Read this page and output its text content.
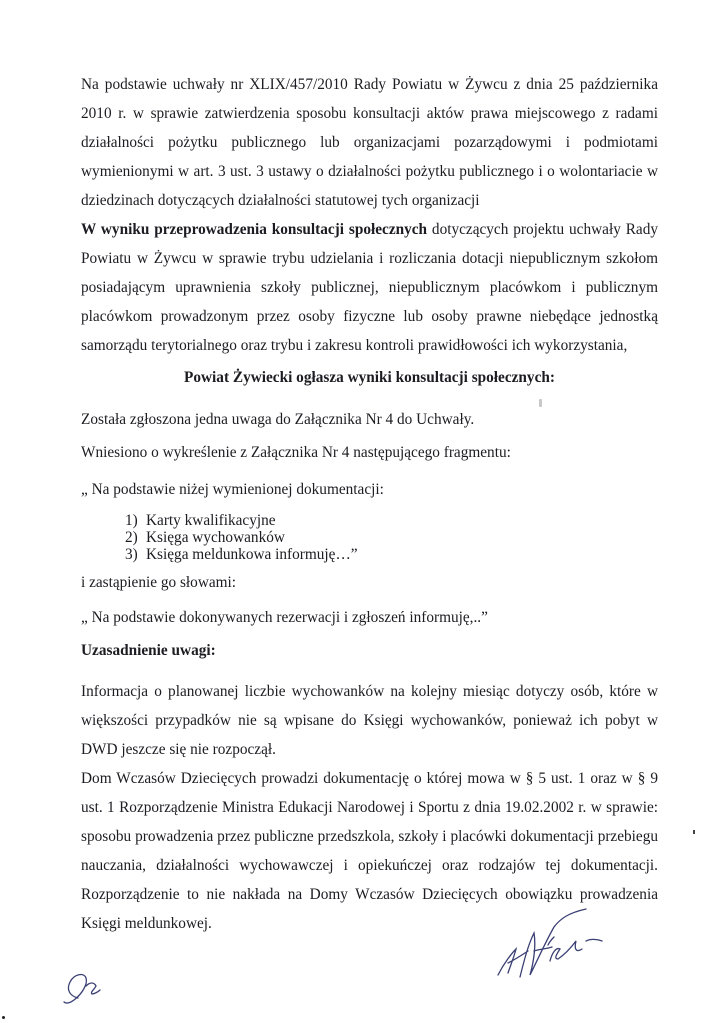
Na podstawie uchwały nr XLIX/457/2010 Rady Powiatu w Żywcu z dnia 25 października 2010 r. w sprawie zatwierdzenia sposobu konsultacji aktów prawa miejscowego z radami działalności pożytku publicznego lub organizacjami pozarządowymi i podmiotami wymienionymi w art. 3 ust. 3 ustawy o działalności pożytku publicznego i o wolontariacie w dziedzinach dotyczących działalności statutowej tych organizacji

W wyniku przeprowadzenia konsultacji społecznych dotyczących projektu uchwały Rady Powiatu w Żywcu w sprawie trybu udzielania i rozliczania dotacji niepublicznym szkołom posiadającym uprawnienia szkoły publicznej, niepublicznym placówkom i publicznym placówkom prowadzonym przez osoby fizyczne lub osoby prawne niebędące jednostką samorządu terytorialnego oraz trybu i zakresu kontroli prawidłowości ich wykorzystania,

Powiat Żywiecki ogłasza wyniki konsultacji społecznych:

Została zgłoszona jedna uwaga do Załącznika Nr 4 do Uchwały.

Wniesiono o wykreślenie z Załącznika Nr 4 następującego fragmentu:

„ Na podstawie niżej wymienionej dokumentacji:

1) Karty kwalifikacyjne
2) Księga wychowanków
3) Księga meldunkowa informuję…”

i zastąpienie go słowami:

„ Na podstawie dokonywanych rezerwacji i zgłoszeń informuję,..”

Uzasadnienie uwagi:

Informacja o planowanej liczbie wychowanków na kolejny miesiąc dotyczy osób, które w większości przypadków nie są wpisane do Księgi wychowanków, ponieważ ich pobyt w DWD jeszcze się nie rozpoczął.

Dom Wczasów Dziecięcych prowadzi dokumentację o której mowa w § 5 ust. 1 oraz w § 9 ust. 1 Rozporządzenie Ministra Edukacji Narodowej i Sportu z dnia 19.02.2002 r. w sprawie: sposobu prowadzenia przez publiczne przedszkola, szkoły i placówki dokumentacji przebiegu nauczania, działalności wychowawczej i opiekuńczej oraz rodzajów tej dokumentacji. Rozporządzenie to nie nakłada na Domy Wczasów Dziecięcych obowiązku prowadzenia Księgi meldunkowej.
